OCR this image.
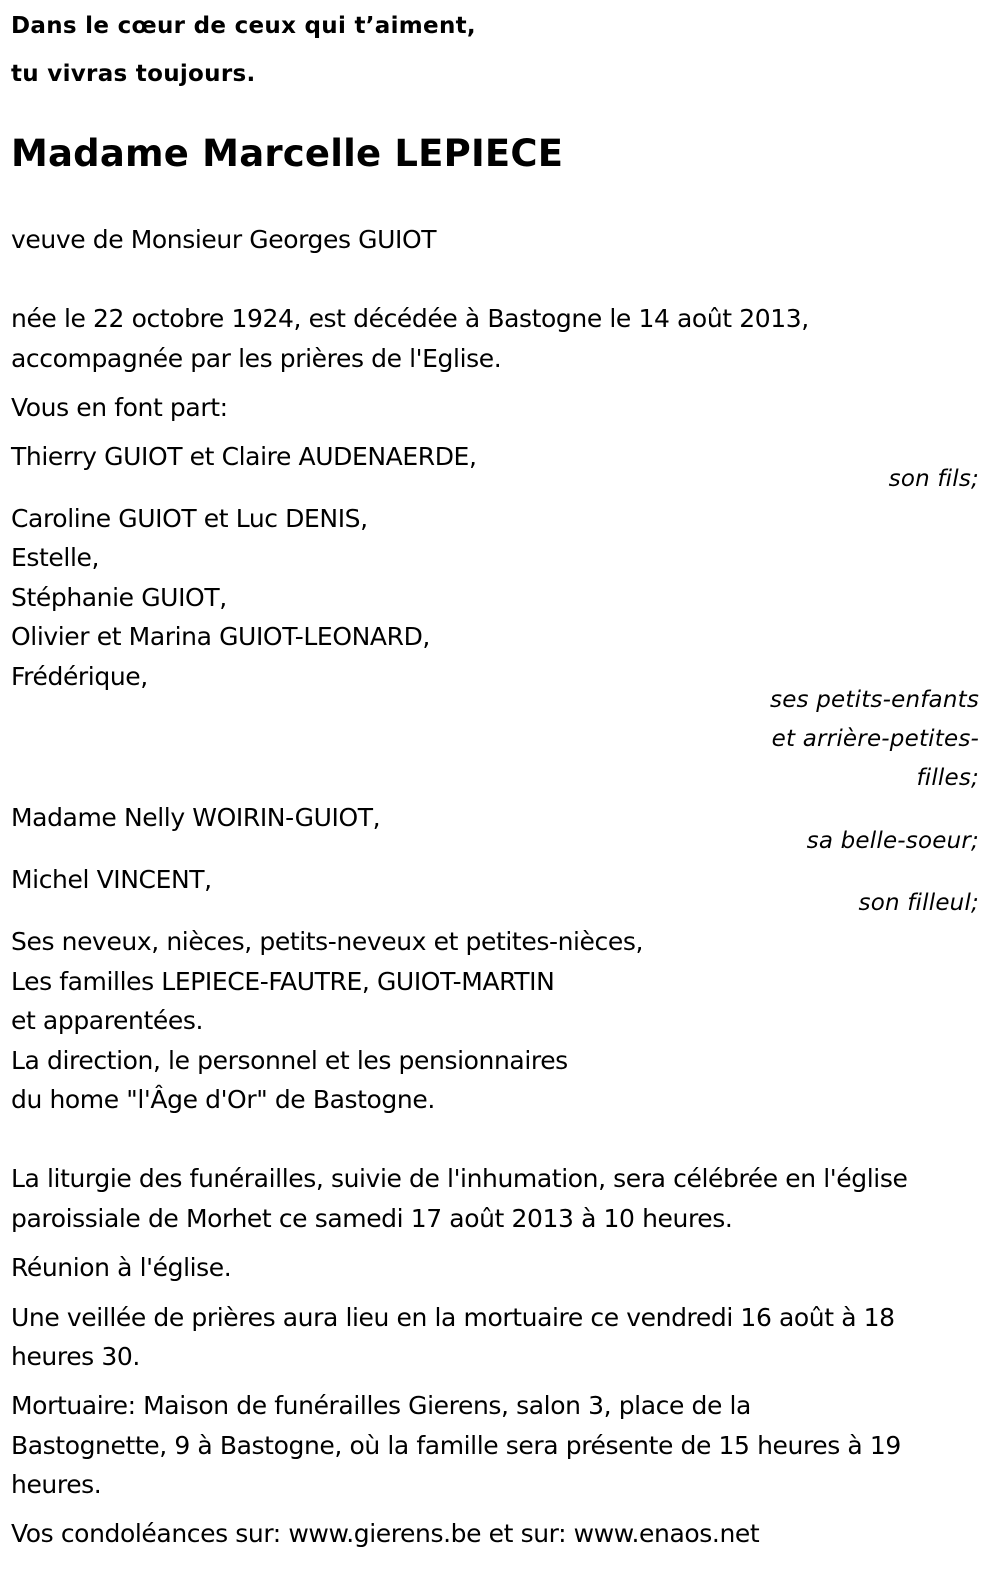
Dans le cœur de ceux qui t’aiment,
tu vivras toujours.
Madame Marcelle LEPIECE
veuve de Monsieur Georges GUIOT
née le 22 octobre 1924, est décédée à Bastogne le 14 août 2013,
accompagnée par les prières de l'Eglise.
Vous en font part:
Thierry GUIOT et Claire AUDENAERDE,
son fils;
Caroline GUIOT et Luc DENIS,
Estelle,
Stéphanie GUIOT,
Olivier et Marina GUIOT-LEONARD,
Frédérique,
ses petits-enfants
et arrière-petites-
filles;
Madame Nelly WOIRIN-GUIOT,
sa belle-soeur;
Michel VINCENT,
son filleul;
Ses neveux, nièces, petits-neveux et petites-nièces,
Les familles LEPIECE-FAUTRE, GUIOT-MARTIN
et apparentées.
La direction, le personnel et les pensionnaires
du home "l'Âge d'Or" de Bastogne.
La liturgie des funérailles, suivie de l'inhumation, sera célébrée en l'église
paroissiale de Morhet ce samedi 17 août 2013 à 10 heures.
Réunion à l'église.
Une veillée de prières aura lieu en la mortuaire ce vendredi 16 août à 18
heures 30.
Mortuaire: Maison de funérailles Gierens, salon 3, place de la
Bastognette, 9 à Bastogne, où la famille sera présente de 15 heures à 19
heures.
Vos condoléances sur: www.gierens.be et sur: www.enaos.net
